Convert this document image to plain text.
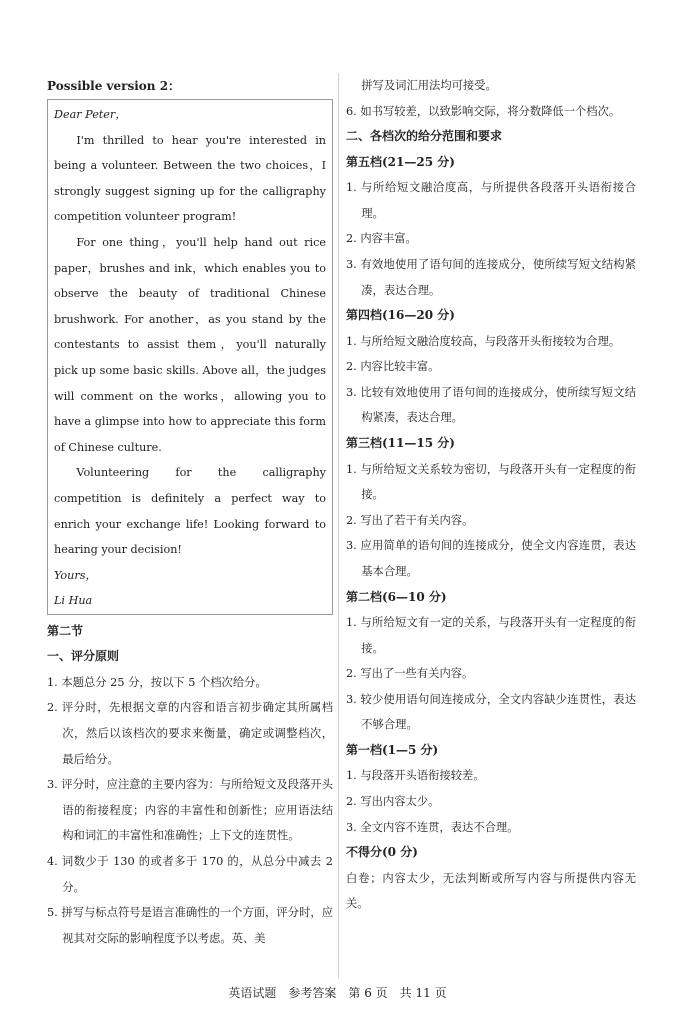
Possible version 2：

Dear Peter，

I'm thrilled to hear you're interested in being a volunteer. Between the two choices，I strongly suggest signing up for the calligraphy competition volunteer program!

For one thing，you'll help hand out rice paper，brushes and ink，which enables you to observe the beauty of traditional Chinese brushwork. For another，as you stand by the contestants to assist them，you'll naturally pick up some basic skills. Above all，the judges will comment on the works，allowing you to have a glimpse into how to appreciate this form of Chinese culture.

Volunteering for the calligraphy competition is definitely a perfect way to enrich your exchange life! Looking forward to hearing your decision!

Yours，

Li Hua

第二节
一、评分原则
1. 本题总分 25 分，按以下 5 个档次给分。
2. 评分时，先根据文章的内容和语言初步确定其所属档次，然后以该档次的要求来衡量，确定或调整档次，最后给分。
3. 评分时，应注意的主要内容为：与所给短文及段落开头语的衔接程度；内容的丰富性和创新性；应用语法结构和词汇的丰富性和准确性；上下文的连贯性。
4. 词数少于 130 的或者多于 170 的，从总分中减去 2 分。
5. 拼写与标点符号是语言准确性的一个方面，评分时，应视其对交际的影响程度予以考虑。英、美
拼写及词汇用法均可接受。
6. 如书写较差，以致影响交际，将分数降低一个档次。
二、各档次的给分范围和要求
第五档(21—25 分)
1. 与所给短文融洽度高，与所提供各段落开头语衔接合理。
2. 内容丰富。
3. 有效地使用了语句间的连接成分，使所续写短文结构紧凑，表达合理。
第四档(16—20 分)
1. 与所给短文融洽度较高，与段落开头衔接较为合理。
2. 内容比较丰富。
3. 比较有效地使用了语句间的连接成分，使所续写短文结构紧凑，表达合理。
第三档(11—15 分)
1. 与所给短文关系较为密切，与段落开头有一定程度的衔接。
2. 写出了若干有关内容。
3. 应用简单的语句间的连接成分，使全文内容连贯，表达基本合理。
第二档(6—10 分)
1. 与所给短文有一定的关系，与段落开头有一定程度的衔接。
2. 写出了一些有关内容。
3. 较少使用语句间连接成分，全文内容缺少连贯性，表达不够合理。
第一档(1—5 分)
1. 与段落开头语衔接较差。
2. 写出内容太少。
3. 全文内容不连贯，表达不合理。
不得分(0 分)
白卷；内容太少，无法判断或所写内容与所提供内容无关。
英语试题　参考答案　第 6 页　共 11 页
